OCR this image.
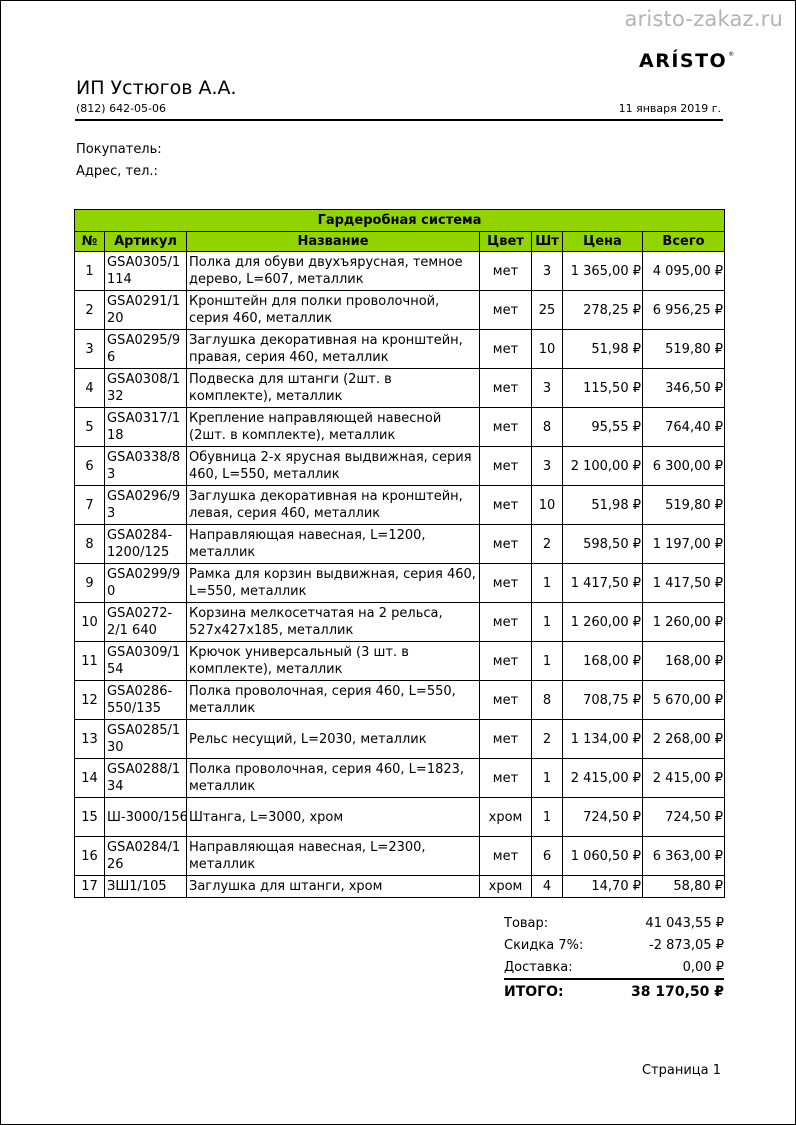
aristo-zakaz.ru
ARÍSTO®
ИП Устюгов А.А.
(812) 642-05-06	11 января 2019 г.
Покупатель:
Адрес, тел.:
Гардеробная система						
№	Артикул	Название	Цвет	Шт	Цена	Всего
1	GSA0305/1 114	Полка для обуви двухъярусная, темное дерево, L=607, металлик	мет	3	1 365,00 ₽	4 095,00 ₽
2	GSA0291/1 20	Кронштейн для полки проволочной, серия 460, металлик	мет	25	278,25 ₽	6 956,25 ₽
3	GSA0295/9 6	Заглушка декоративная на кронштейн, правая, серия 460, металлик	мет	10	51,98 ₽	519,80 ₽
4	GSA0308/1 32	Подвеска для штанги (2шт. в комплекте), металлик	мет	3	115,50 ₽	346,50 ₽
5	GSA0317/1 18	Крепление направляющей навесной (2шт. в комплекте), металлик	мет	8	95,55 ₽	764,40 ₽
6	GSA0338/8 3	Обувница 2-х ярусная выдвижная, серия 460, L=550, металлик	мет	3	2 100,00 ₽	6 300,00 ₽
7	GSA0296/9 3	Заглушка декоративная на кронштейн, левая, серия 460, металлик	мет	10	51,98 ₽	519,80 ₽
8	GSA0284-1200/125	Направляющая навесная, L=1200, металлик	мет	2	598,50 ₽	1 197,00 ₽
9	GSA0299/9 0	Рамка для корзин выдвижная, серия 460, L=550, металлик	мет	1	1 417,50 ₽	1 417,50 ₽
10	GSA0272-2/1 640	Корзина мелкосетчатая на 2 рельса, 527x427x185, металлик	мет	1	1 260,00 ₽	1 260,00 ₽
11	GSA0309/1 54	Крючок универсальный (3 шт. в комплекте), металлик	мет	1	168,00 ₽	168,00 ₽
12	GSA0286-550/135	Полка проволочная, серия 460, L=550, металлик	мет	8	708,75 ₽	5 670,00 ₽
13	GSA0285/1 30	Рельс несущий, L=2030, металлик	мет	2	1 134,00 ₽	2 268,00 ₽
14	GSA0288/1 34	Полка проволочная, серия 460, L=1823, металлик	мет	1	2 415,00 ₽	2 415,00 ₽
15	Ш-3000/156	Штанга, L=3000, хром	хром	1	724,50 ₽	724,50 ₽
16	GSA0284/1 26	Направляющая навесная, L=2300, металлик	мет	6	1 060,50 ₽	6 363,00 ₽
17	ЗШ1/105	Заглушка для штанги, хром	хром	4	14,70 ₽	58,80 ₽
Товар:	41 043,55 ₽
Скидка 7%:	-2 873,05 ₽
Доставка:	0,00 ₽
ИТОГО:	38 170,50 ₽
Страница 1
